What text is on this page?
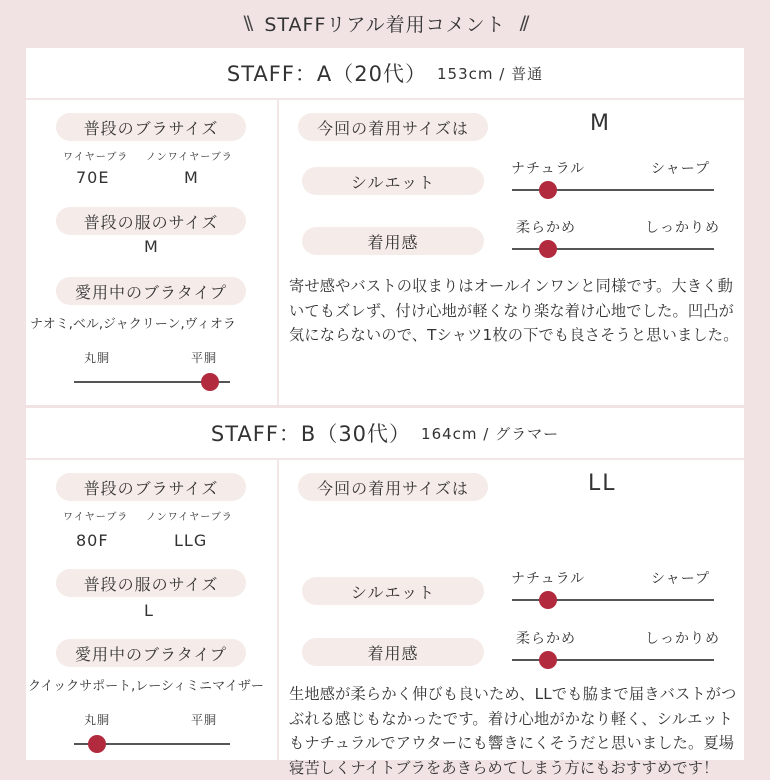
\\ STAFFリアル着用コメント //
STAFF：A（20代） 153cm / 普通
普段のブラサイズ
ワイヤーブラ ノンワイヤーブラ
70E	M
普段の服のサイズ
M
愛用中のブラタイプ
ナオミ,ベル,ジャクリーン,ヴィオラ
丸胴	平胴
今回の着用サイズは	M
シルエット
ナチュラル	シャープ
着用感
柔らかめ	しっかりめ

寄せ感やバストの収まりはオールインワンと同様です。大きく動いてもズレず、付け心地が軽くなり楽な着け心地でした。凹凸が気にならないので、Tシャツ1枚の下でも良さそうと思いました。

STAFF：B（30代） 164cm / グラマー
普段のブラサイズ
ワイヤーブラ ノンワイヤーブラ
80F	LLG
普段の服のサイズ
L
愛用中のブラタイプ
クイックサポート,レーシィミニマイザー
丸胴	平胴
今回の着用サイズは	LL
シルエット
ナチュラル	シャープ
着用感
柔らかめ	しっかりめ

生地感が柔らかく伸びも良いため、LLでも脇まで届きバストがつぶれる感じもなかったです。着け心地がかなり軽く、シルエットもナチュラルでアウターにも響きにくそうだと思いました。夏場寝苦しくナイトブラをあきらめてしまう方にもおすすめです！
